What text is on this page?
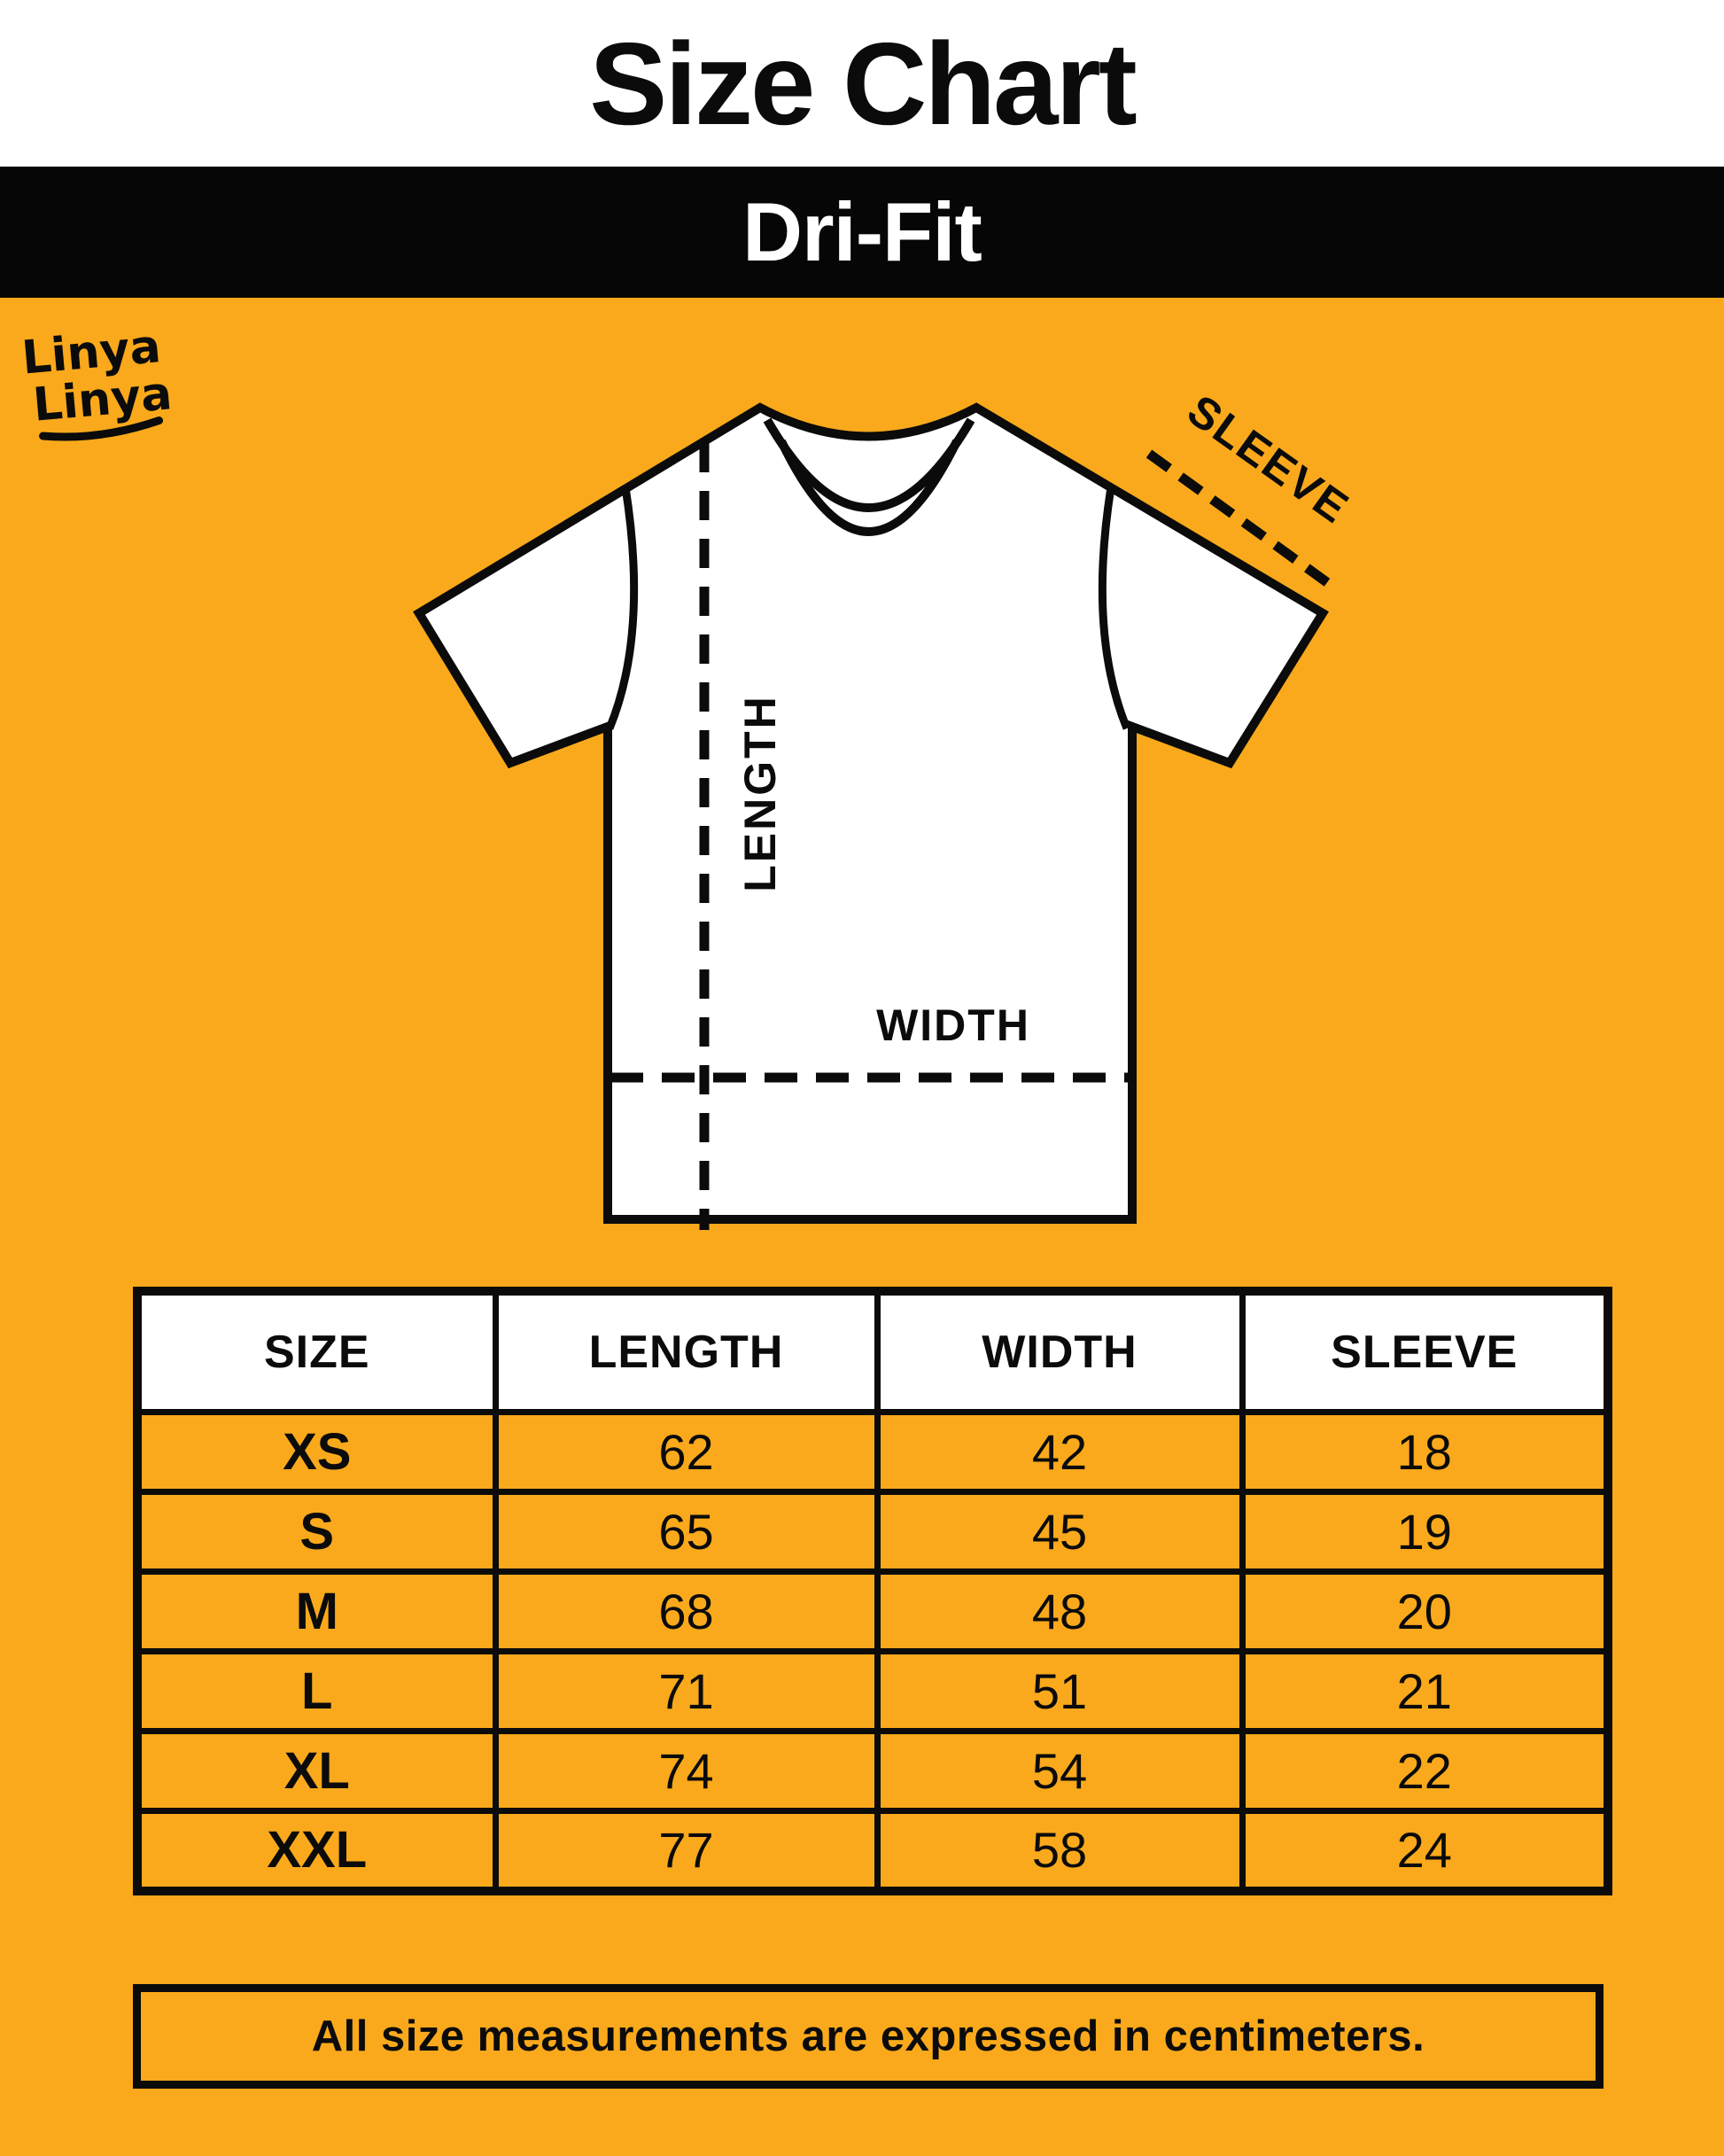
Size Chart
Dri-Fit
Linya
Linya
LENGTH
WIDTH
SLEEVE
SIZE	LENGTH	WIDTH	SLEEVE
XS	62	42	18
S	65	45	19
M	68	48	20
L	71	51	21
XL	74	54	22
XXL	77	58	24
All size measurements are expressed in centimeters.
